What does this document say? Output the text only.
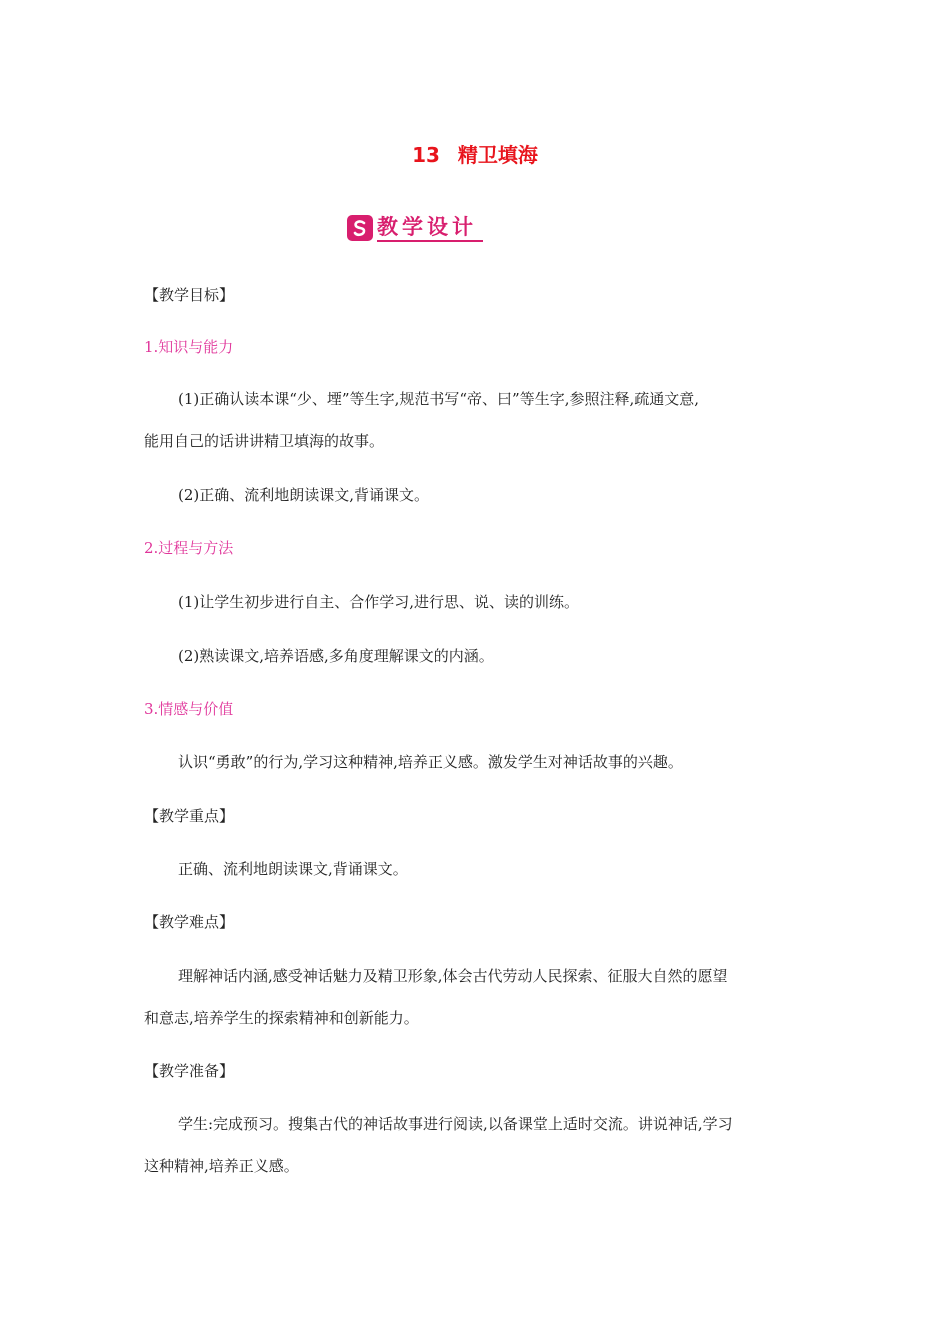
13 精卫填海
教学设计
【教学目标】
1.知识与能力
(1)正确认读本课“少、堙”等生字,规范书写“帝、曰”等生字,参照注释,疏通文意,
能用自己的话讲讲精卫填海的故事。
(2)正确、流利地朗读课文,背诵课文。
2.过程与方法
(1)让学生初步进行自主、合作学习,进行思、说、读的训练。
(2)熟读课文,培养语感,多角度理解课文的内涵。
3.情感与价值
认识“勇敢”的行为,学习这种精神,培养正义感。激发学生对神话故事的兴趣。
【教学重点】
正确、流利地朗读课文,背诵课文。
【教学难点】
理解神话内涵,感受神话魅力及精卫形象,体会古代劳动人民探索、征服大自然的愿望
和意志,培养学生的探索精神和创新能力。
【教学准备】
学生:完成预习。搜集古代的神话故事进行阅读,以备课堂上适时交流。讲说神话,学习
这种精神,培养正义感。
